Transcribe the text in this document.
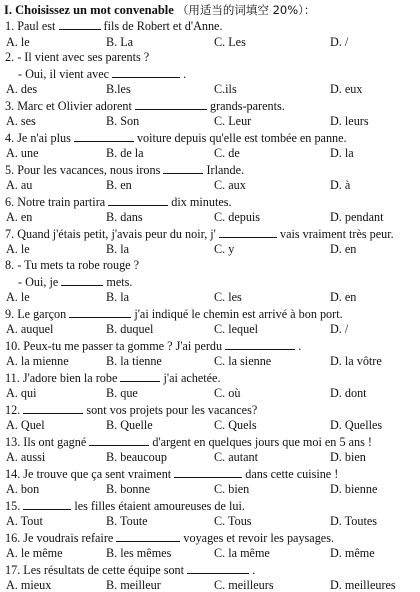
I. Choisissez un mot convenable （用适当的词填空 20%）：
1. Paul est	fils de Robert et d'Anne.
A. le	B. La	C. Les	D. /
2. - Il vient avec ses parents ?
- Oui, il vient avec	.
A. des	B.les	C.ils	D. eux
3. Marc et Olivier adorent	grands-parents.
A. ses	B. Son	C. Leur	D. leurs
4. Je n'ai plus	voiture depuis qu'elle est tombée en panne.
A. une	B. de la	C. de	D. la
5. Pour les vacances, nous irons	Irlande.
A. au	B. en	C. aux	D. à
6. Notre train partira	dix minutes.
A. en	B. dans	C. depuis	D. pendant
7. Quand j'étais petit, j'avais peur du noir, j'	vais vraiment très peur.
A. le	B. la	C. y	D. en
8. - Tu mets ta robe rouge ?
- Oui, je	mets.
A. le	B. la	C. les	D. en
9. Le garçon	j'ai indiqué le chemin est arrivé à bon port.
A. auquel	B. duquel	C. lequel	D. /
10. Peux-tu me passer ta gomme ? J'ai perdu	.
A. la mienne	B. la tienne	C. la sienne	D. la vôtre
11. J'adore bien la robe	j'ai achetée.
A. qui	B. que	C. où	D. dont
12.	sont vos projets pour les vacances?
A. Quel	B. Quelle	C. Quels	D. Quelles
13. Ils ont gagné	d'argent en quelques jours que moi en 5 ans !
A. aussi	B. beaucoup	C. autant	D. bien
14. Je trouve que ça sent vraiment	dans cette cuisine !
A. bon	B. bonne	C. bien	D. bienne
15.	les filles étaient amoureuses de lui.
A. Tout	B. Toute	C. Tous	D. Toutes
16. Je voudrais refaire	voyages et revoir les paysages.
A. le même	B. les mêmes	C. la même	D. même
17. Les résultats de cette équipe sont	.
A. mieux	B. meilleur	C. meilleurs	D. meilleures
